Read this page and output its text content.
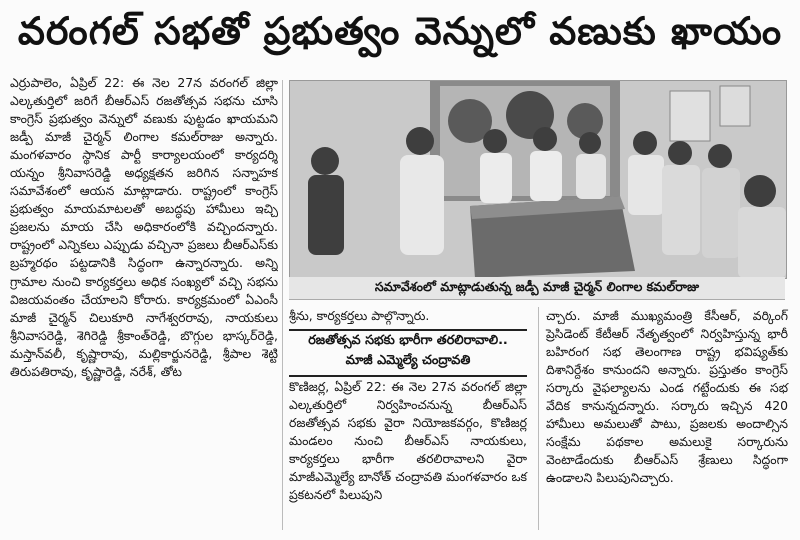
వరంగల్ సభతో ప్రభుత్వం వెన్నులో వణుకు ఖాయం

ఎర్రుపాలెం, ఏప్రిల్ 22: ఈ నెల 27న వరంగల్ జిల్లా ఎల్కతుర్తిలో జరిగే బీఆర్ఎస్ రజతోత్సవ సభను చూసి కాంగ్రెస్ ప్రభుత్వం వెన్నులో వణుకు పుట్టడం ఖాయమని జడ్పీ మాజీ చైర్మన్ లింగాల కమల్‌రాజు అన్నారు. మంగళవారం స్థానిక పార్టీ కార్యాలయంలో కార్యదర్శి యన్నం శ్రీనివాసరెడ్డి అధ్యక్షతన జరిగిన సన్నాహక సమావేశంలో ఆయన మాట్లాడారు. రాష్ట్రంలో కాంగ్రెస్ ప్రభుత్వం మాయమాటలతో అబద్ధపు హామీలు ఇచ్చి ప్రజలను మాయ చేసి అధికారంలోకి వచ్చిందన్నారు. రాష్ట్రంలో ఎన్నికలు ఎప్పుడు వచ్చినా ప్రజలు బీఆర్ఎస్‌కు బ్రహ్మరథం పట్టడానికి సిద్ధంగా ఉన్నారన్నారు. అన్ని గ్రామాల నుంచి కార్యకర్తలు అధిక సంఖ్యలో వచ్చి సభను విజయవంతం చేయాలని కోరారు. కార్యక్రమంలో ఏఎంసీ మాజీ చైర్మన్ చిలుకూరి నాగేశ్వరరావు, నాయకులు శ్రీనివాసరెడ్డి, శెగిరెడ్డి శ్రీకాంత్‌రెడ్డి, బొగ్గుల భాస్కర్‌రెడ్డి, మస్తాన్‌వలీ, కృష్ణారావు, మల్లికార్జునరెడ్డి, శ్రీపాల శెట్టి తిరుపతిరావు, కృష్ణారెడ్డి, నరేశ్, తోట

సమావేశంలో మాట్లాడుతున్న జడ్పీ మాజీ చైర్మన్ లింగాల కమల్‌రాజు

శ్రీను, కార్యకర్తలు పాల్గొన్నారు.

రజతోత్సవ సభకు భారీగా తరలిరావాలి..
మాజీ ఎమ్మెల్యే చంద్రావతి

కొణిజర్ల, ఏప్రిల్ 22: ఈ నెల 27న వరంగల్ జిల్లా ఎల్కతుర్తిలో నిర్వహించనున్న బీఆర్ఎస్ రజతోత్సవ సభకు వైరా నియోజకవర్గం, కొణిజర్ల మండలం నుంచి బీఆర్ఎస్ నాయకులు, కార్యకర్తలు భారీగా తరలిరావాలని వైరా మాజీఎమ్మెల్యే బానోత్ చంద్రావతి మంగళవారం ఒక ప్రకటనలో పిలుపుని

చ్చారు. మాజీ ముఖ్యమంత్రి కేసీఆర్, వర్కింగ్ ప్రెసిడెంట్ కేటీఆర్ నేతృత్వంలో నిర్వహిస్తున్న భారీ బహిరంగ సభ తెలంగాణ రాష్ట్ర భవిష్యత్‌కు దిశానిర్దేశం కానుందని అన్నారు. ప్రస్తుతం కాంగ్రెస్ సర్కారు వైఫల్యాలను ఎండ గట్టేందుకు ఈ సభ వేదిక కానున్నదన్నారు. సర్కారు ఇచ్చిన 420 హామీలు అమలుతో పాటు, ప్రజలకు అందాల్సిన సంక్షేమ పథకాల అమలుకై సర్కారును వెంటాడేందుకు బీఆర్ఎస్ శ్రేణులు సిద్ధంగా ఉండాలని పిలుపునిచ్చారు.
